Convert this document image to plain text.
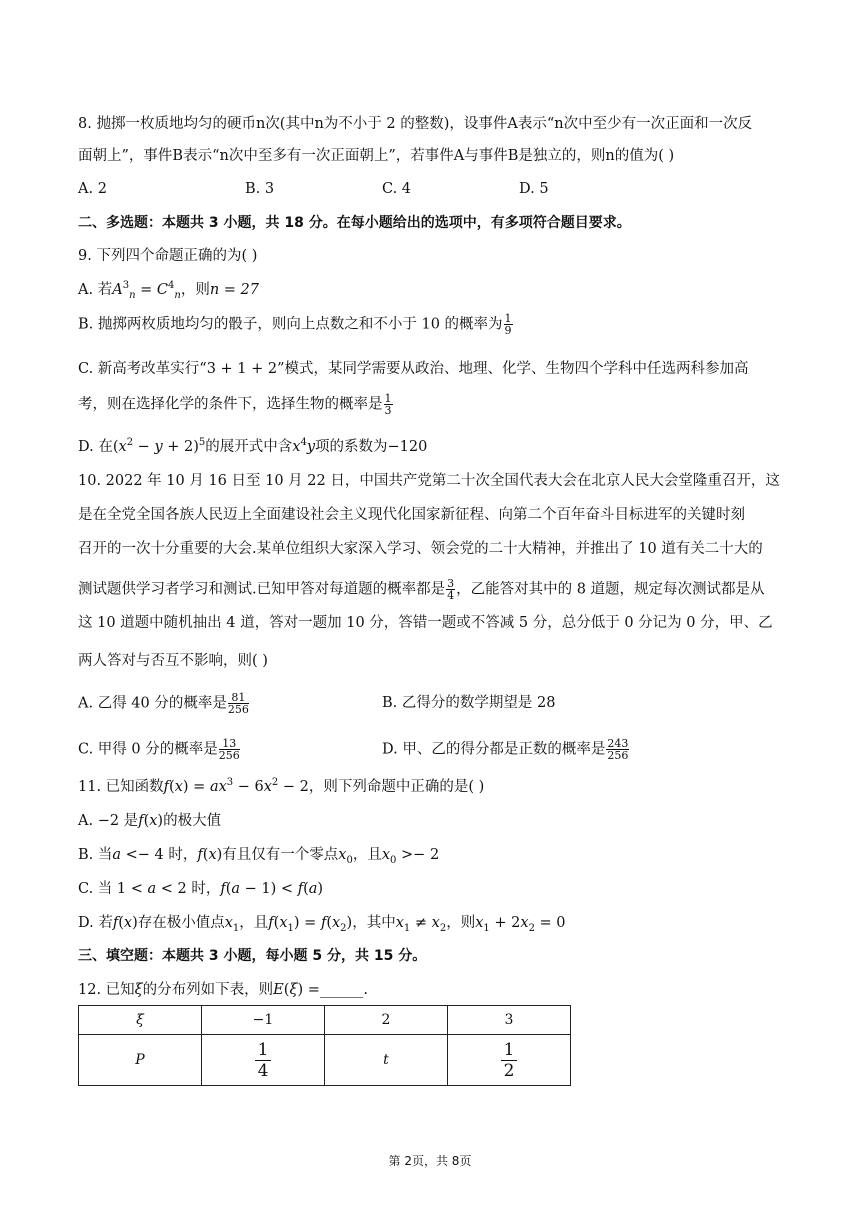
8. 抛掷一枚质地均匀的硬币n次(其中n为不小于 2 的整数)，设事件A表示“n次中至少有一次正面和一次反
面朝上”，事件B表示“n次中至多有一次正面朝上”，若事件A与事件B是独立的，则n的值为( )
A. 2	B. 3	C. 4	D. 5
二、多选题：本题共 3 小题，共 18 分。在每小题给出的选项中，有多项符合题目要求。
9. 下列四个命题正确的为( )
A. 若$A^3_n = C^4_n$，则n = 27
B. 抛掷两枚质地均匀的骰子，则向上点数之和不小于 10 的概率为 $\frac{1}{9}$
C. 新高考改革实行“3 + 1 + 2”模式，某同学需要从政治、地理、化学、生物四个学科中任选两科参加高
考，则在选择化学的条件下，选择生物的概率是 $\frac{1}{3}$
D. 在$(x^2 - y + 2)^5$的展开式中含$x^4y$项的系数为−120
10. 2022 年 10 月 16 日至 10 月 22 日，中国共产党第二十次全国代表大会在北京人民大会堂隆重召开，这
是在全党全国各族人民迈上全面建设社会主义现代化国家新征程、向第二个百年奋斗目标进军的关键时刻
召开的一次十分重要的大会.某单位组织大家深入学习、领会党的二十大精神，并推出了 10 道有关二十大的
测试题供学习者学习和测试.已知甲答对每道题的概率都是 $\frac{3}{4}$ ，乙能答对其中的 8 道题，规定每次测试都是从
这 10 道题中随机抽出 4 道，答对一题加 10 分，答错一题或不答减 5 分，总分低于 0 分记为 0 分，甲、乙
两人答对与否互不影响，则( )
A. 乙得 40 分的概率是 $\frac{81}{256}$	B. 乙得分的数学期望是 28
C. 甲得 0 分的概率是 $\frac{13}{256}$	D. 甲、乙的得分都是正数的概率是 $\frac{243}{256}$
11. 已知函数$f(x) = ax^3 - 6x^2 - 2$，则下列命题中正确的是( )
A. −2 是f(x)的极大值
B. 当a <− 4 时，f(x)有且仅有一个零点$x_0$，且$x_0 >- 2$
C. 当 1 < a < 2 时，f(a − 1) < f(a)
D. 若f(x)存在极小值点$x_1$，且$f(x_1) = f(x_2)$，其中$x_1 \ne x_2$，则$x_1 + 2x_2 = 0$
三、填空题：本题共 3 小题，每小题 5 分，共 15 分。
12. 已知ξ的分布列如下表，则E(ξ) =______.
ξ	−1	2	3
P	$\frac{1}{4}$	t	$\frac{1}{2}$
第 2页，共 8页
